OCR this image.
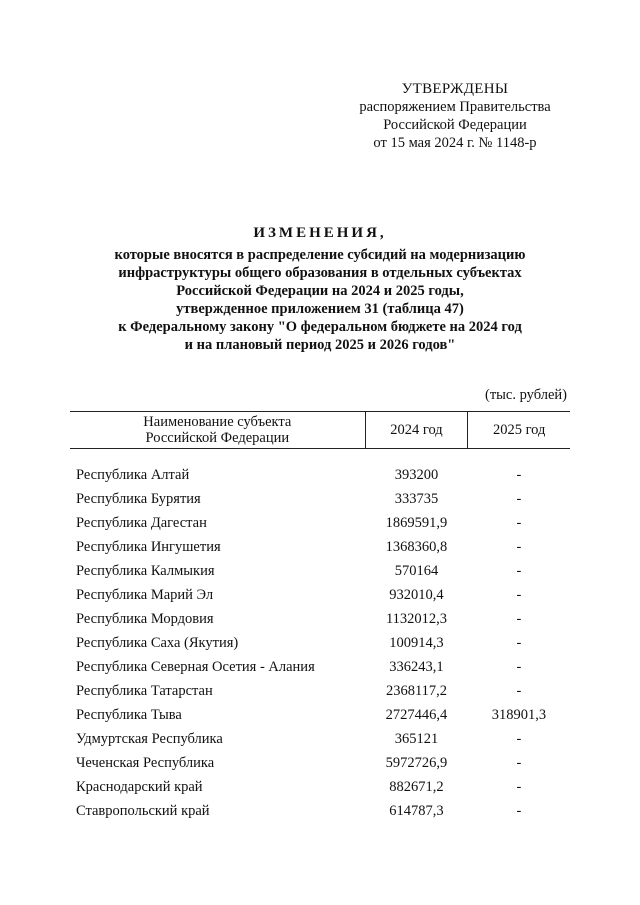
УТВЕРЖДЕНЫ
распоряжением Правительства
Российской Федерации
от 15 мая 2024 г. № 1148-р
ИЗМЕНЕНИЯ,
которые вносятся в распределение субсидий на модернизацию
инфраструктуры общего образования в отдельных субъектах
Российской Федерации на 2024 и 2025 годы,
утвержденное приложением 31 (таблица 47)
к Федеральному закону "О федеральном бюджете на 2024 год
и на плановый период 2025 и 2026 годов"
(тыс. рублей)
Наименование субъекта
Российской Федерации	2024 год	2025 год

Республика Алтай	393200	-
Республика Бурятия	333735	-
Республика Дагестан	1869591,9	-
Республика Ингушетия	1368360,8	-
Республика Калмыкия	570164	-
Республика Марий Эл	932010,4	-
Республика Мордовия	1132012,3	-
Республика Саха (Якутия)	100914,3	-
Республика Северная Осетия - Алания	336243,1	-
Республика Татарстан	2368117,2	-
Республика Тыва	2727446,4	318901,3
Удмуртская Республика	365121	-
Чеченская Республика	5972726,9	-
Краснодарский край	882671,2	-
Ставропольский край	614787,3	-
